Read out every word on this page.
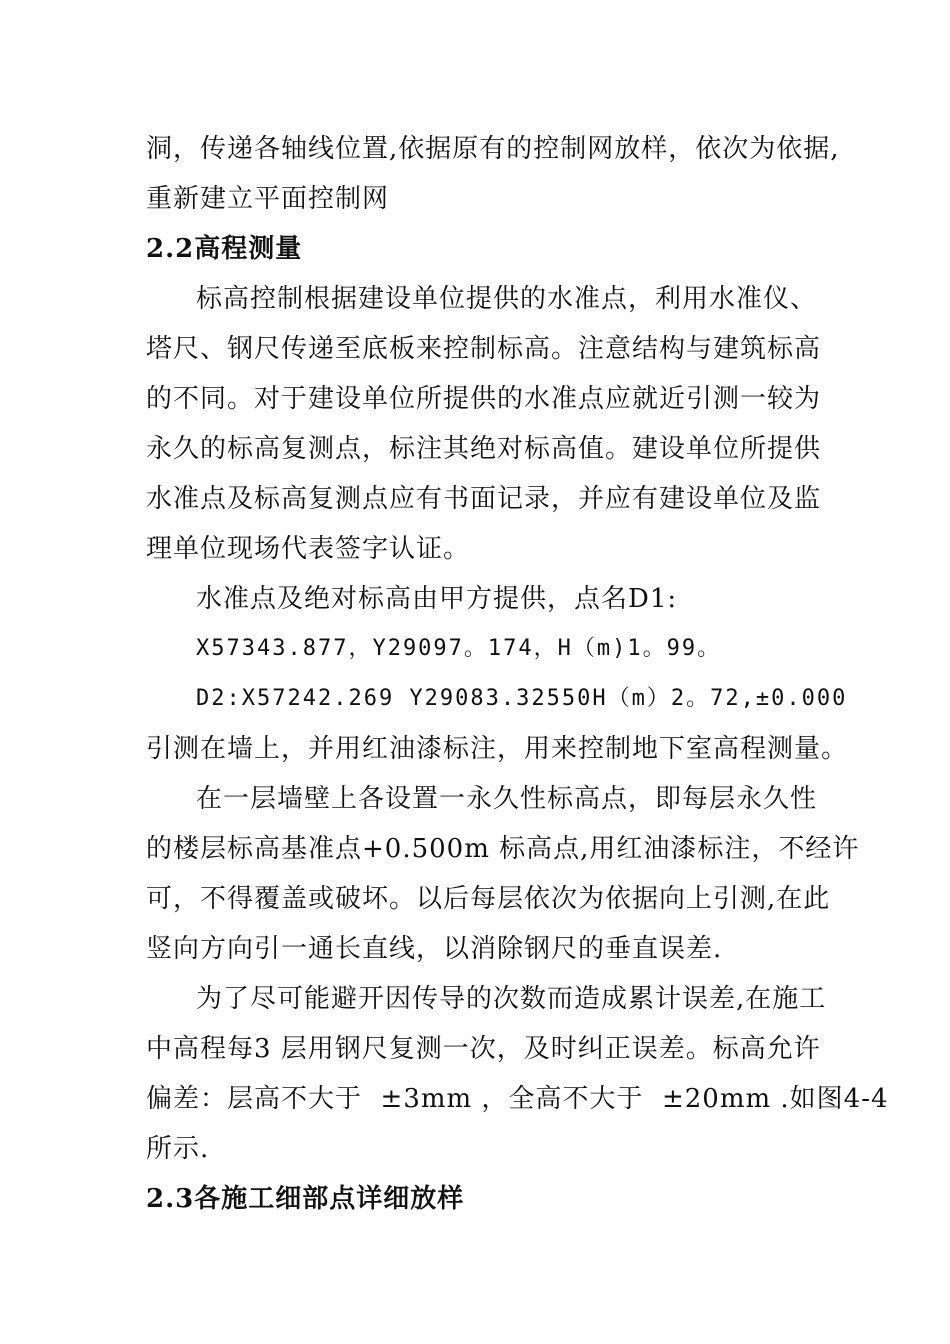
洞，传递各轴线位置,依据原有的控制网放样，依次为依据,
重新建立平面控制网
2.2高程测量
标高控制根据建设单位提供的水准点，利用水准仪、
塔尺、钢尺传递至底板来控制标高。注意结构与建筑标高
的不同。对于建设单位所提供的水准点应就近引测一较为
永久的标高复测点，标注其绝对标高值。建设单位所提供
水准点及标高复测点应有书面记录，并应有建设单位及监
理单位现场代表签字认证。
水准点及绝对标高由甲方提供，点名D1:
X57343.877，Y29097。174，H（m)1。99。
D2:X57242.269 Y29083.32550H（m）2。72,±0.000
引测在墙上，并用红油漆标注，用来控制地下室高程测量。
在一层墙壁上各设置一永久性标高点，即每层永久性
的楼层标高基准点+0.500m 标高点,用红油漆标注，不经许
可，不得覆盖或破坏。以后每层依次为依据向上引测,在此
竖向方向引一通长直线，以消除钢尺的垂直误差.
为了尽可能避开因传导的次数而造成累计误差,在施工
中高程每3 层用钢尺复测一次，及时纠正误差。标高允许
偏差：层高不大于  ±3mm ，全高不大于  ±20mm .如图4-4
所示.
2.3各施工细部点详细放样
